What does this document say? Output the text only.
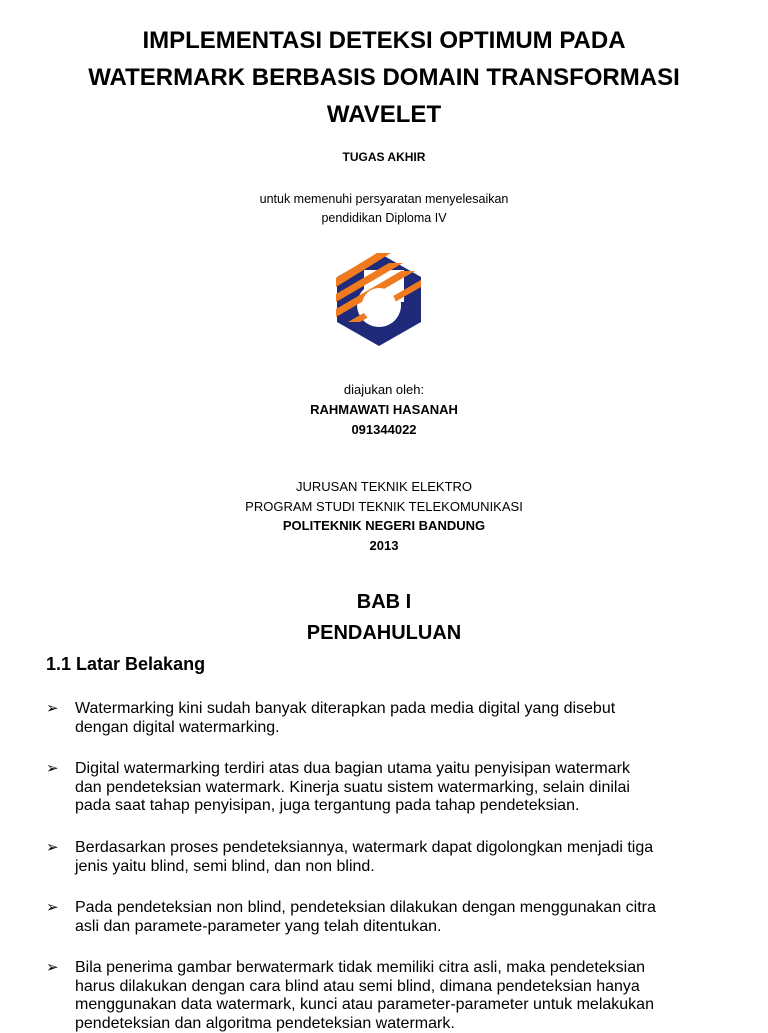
IMPLEMENTASI DETEKSI OPTIMUM PADA
WATERMARK BERBASIS DOMAIN TRANSFORMASI
WAVELET
TUGAS AKHIR
untuk memenuhi persyaratan menyelesaikan
pendidikan Diploma IV
diajukan oleh:
RAHMAWATI HASANAH
091344022
JURUSAN TEKNIK ELEKTRO
PROGRAM STUDI TEKNIK TELEKOMUNIKASI
POLITEKNIK NEGERI BANDUNG
2013
BAB I
PENDAHULUAN
1.1 Latar Belakang
➢ Watermarking kini sudah banyak diterapkan pada media digital yang disebut
dengan digital watermarking.
➢ Digital watermarking terdiri atas dua bagian utama yaitu penyisipan watermark
dan pendeteksian watermark. Kinerja suatu sistem watermarking, selain dinilai
pada saat tahap penyisipan, juga tergantung pada tahap pendeteksian.
➢ Berdasarkan proses pendeteksiannya, watermark dapat digolongkan menjadi tiga
jenis yaitu blind, semi blind, dan non blind.
➢ Pada pendeteksian non blind, pendeteksian dilakukan dengan menggunakan citra
asli dan paramete-parameter yang telah ditentukan.
➢ Bila penerima gambar berwatermark tidak memiliki citra asli, maka pendeteksian
harus dilakukan dengan cara blind atau semi blind, dimana pendeteksian hanya
menggunakan data watermark, kunci atau parameter-parameter untuk melakukan
pendeteksian dan algoritma pendeteksian watermark.
